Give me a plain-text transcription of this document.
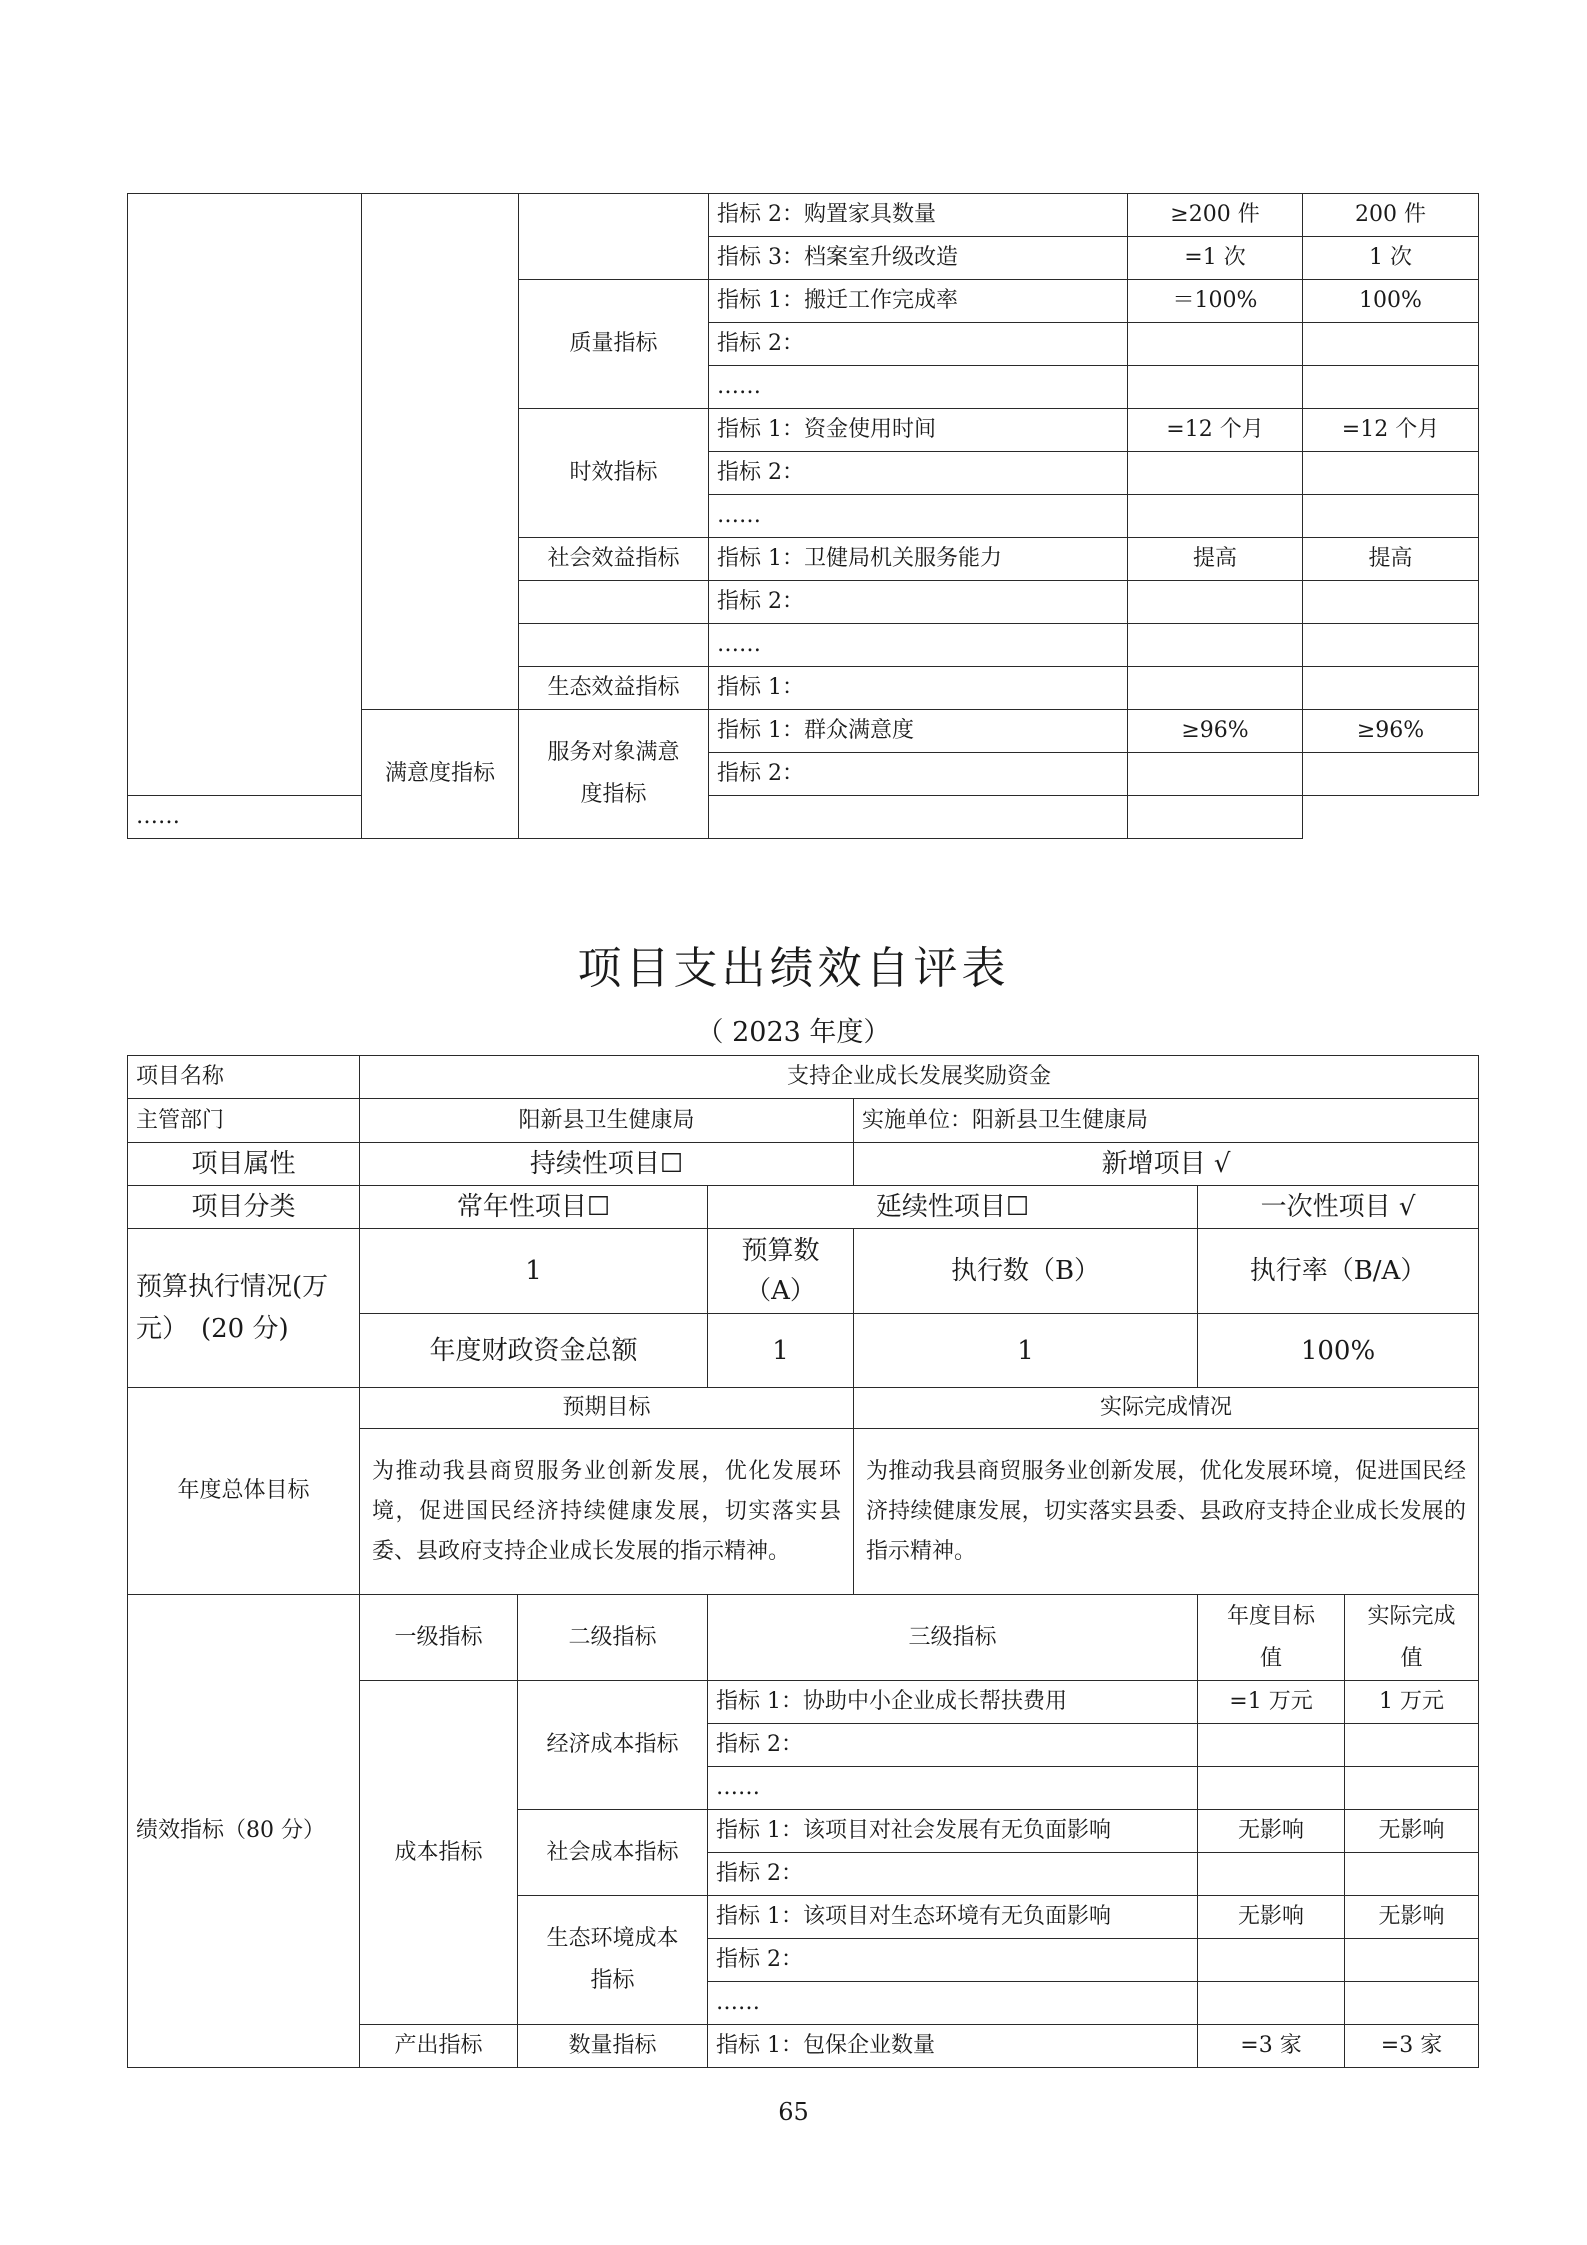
			指标 2：购置家具数量	≥200 件	200 件
			指标 3：档案室升级改造	=1 次	1 次
		质量指标	指标 1：搬迁工作完成率	＝100%	100%
			指标 2：		
			……		
		时效指标	指标 1：资金使用时间	=12 个月	=12 个月
			指标 2：		
			……		
		社会效益指标	指标 1：卫健局机关服务能力	提高	提高
			指标 2：		
			……		
		生态效益指标	指标 1：		
	满意度指标	服务对象满意度指标	指标 1：群众满意度	≥96%	≥96%
			指标 2：		
……					
项目支出绩效自评表
（ 2023 年度）
项目名称	支持企业成长发展奖励资金					
主管部门	阳新县卫生健康局			实施单位：阳新县卫生健康局		
项目属性	持续性项目☐			新增项目 √		
项目分类	常年性项目☐		延续性项目☐		一次性项目 √	
预算执行情况(万元）　(20 分)	1		预算数（A）	执行数（B）	执行率（B/A）	
	年度财政资金总额		1	1	100%	
年度总体目标	预期目标			实际完成情况		
	为推动我县商贸服务业创新发展，优化发展环境，促进国民经济持续健康发展，切实落实县委、县政府支持企业成长发展的指示精神。			为推动我县商贸服务业创新发展，优化发展环境，促进国民经济持续健康发展，切实落实县委、县政府支持企业成长发展的指示精神。		
绩效指标（80 分）	一级指标	二级指标	三级指标		年度目标值	实际完成值
	成本指标	经济成本指标	指标 1：协助中小企业成长帮扶费用		=1 万元	1 万元
			指标 2：			
			……			
		社会成本指标	指标 1：该项目对社会发展有无负面影响		无影响	无影响
			指标 2：			
		生态环境成本指标	指标 1：该项目对生态环境有无负面影响		无影响	无影响
			指标 2：			
			……			
	产出指标	数量指标	指标 1：包保企业数量		=3 家	=3 家
65
